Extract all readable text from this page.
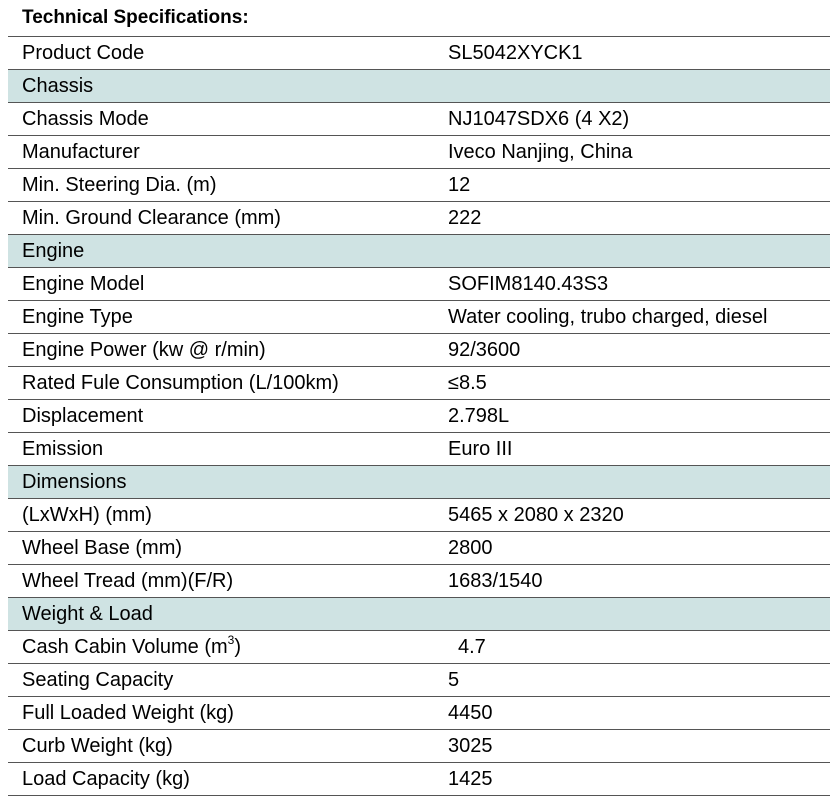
Technical Specifications:
Product Code	SL5042XYCK1
Chassis
Chassis Mode	NJ1047SDX6 (4 X2)
Manufacturer	Iveco Nanjing, China
Min. Steering Dia. (m)	12
Min. Ground Clearance (mm)	222
Engine
Engine Model	SOFIM8140.43S3
Engine Type	Water cooling, trubo charged, diesel
Engine Power (kw @ r/min)	92/3600
Rated Fule Consumption (L/100km)	≤8.5
Displacement	2.798L
Emission	Euro III
Dimensions
(LxWxH) (mm)	5465 x 2080 x 2320
Wheel Base (mm)	2800
Wheel Tread (mm)(F/R)	1683/1540
Weight & Load
Cash Cabin Volume $(m^3)$	4.7
Seating Capacity	5
Full Loaded Weight (kg)	4450
Curb Weight (kg)	3025
Load Capacity (kg)	1425
